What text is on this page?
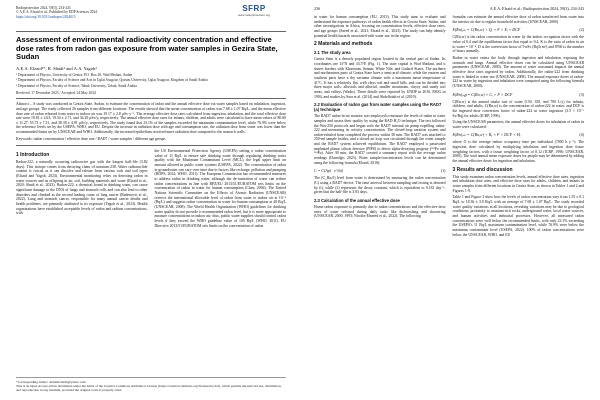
Radioprotection 2024, 59(3), 234-243
© A.E.A. Elzaid et al., Published by EDP Sciences 2024
https://doi.org/10.1051/radiopro/2024015
SFRP
www.radioprotection.org
Assessment of environmental radioactivity concentration and effective dose rates from radon gas exposure from water samples in Gezira State, Sudan
A.E.A. Elzaid¹*, R. Shadi² and A.A. Yagob³
¹ Department of Physics, University of Gezira, P.O. Box 20, Wad Medani, Sudan
² Department of Physics, Faculty of Science and Arts in Uglat Asugour, Qassim University, Uglat Asugour, Kingdom of Saudi Arabia
³ Department of Physics, Faculty of Science, Tabuk University, Tabuk, Saudi Arabia
Received: 17 December 2023 / Accepted: 24 May 2024
Abstract – A study was conducted in Gezira State, Sudan, to estimate the concentration of radon and the annual effective dose via water samples based on inhalation, ingestion, and age groups. The study collected 26 samples from different locations. The results showed that the mean concentration of radon was 7.68 ± 1.07 Bq/L, and the mean effective dose rate of radon released from water to indoor air was 19.17 ± 2.8 µSv·y⁻¹. The average effective dose rates calculated from ingestion, inhalation, and the total effective dose rate were 19.81 ± 2.63, 19.34 ± 2.71, and 34.29 µSv/y, respectively. The annual effective dose rates for infants, children, and adults were calculated to have mean values of 80.60 ± 11.27, 53.73 ± 7.51, and 38.38 ± 4.91 µSv/y, respectively. The study found that 23.1% of the samples exceeded the maximum contamination level, while 76.9% were below the reference levels set by the USEPA, WHO, and EU. Despite the increase in radiation dose with age and consumption rate, the radiation dose from water was lower than the recommended limits set by UNSCEAR and WHO. Additionally, the increased epithelium received more radiation dose compared to the stomach walls.
Keywords: radon concentration / effective dose rate / RAD7 / water samples / different age groups
1 Introduction

Radon-222, a naturally occurring radioactive gas with the longest half-life (3.82 days). This isotope comes from decaying chain of uranium-238. Water radionuclide content is crucial as it can dissolve and release from various rock and soil types (Elzaid and Yagob, 2023). Environmental monitoring relies on detecting radon in water sources and its offspring in air, soil, building materials and water (Elzaid et al., 2020; Shadi et al., 2023). Radon-222, a chemical found in drinking water, can cause significant damage to the DNA of lungs and stomach cells and can also lead to other disorders and climbed as the second leading cause of lung cancer (Radenovic et al., 2022). Lung and stomach cancer, responsible for many annual cancer deaths and health problems, are primarily attributed to its exposure (Yagob et al., 2023). Health organizations have established acceptable levels of radon and radium concentrations, with

the US Environmental Protection Agency (USEPA) setting a radon concentration value of 11 Bq/L to ensure safe drinking water through regulating drinking water quality with the Maximum Contaminant Level (MCL), the legal upper limit on amount allowed in public water systems (USEPA, 2022). The concentration of radon in groundwater can vary over time due to factors like recharge, pollution and pumping (HOPS, 2022; WHO, 2011). The European Commission has recommended measures to address radon in drinking water, although the de-ionization of water can reduce radon concentrations in line with RPZ/EU 2013/51/EURATOM sets limits on the concentration of radon in water for human consumption (Chen, 2004). The United Nations Scientific Committee on the Effects of Atomic Radiation (UNSCEAR) reviews the international allowable level of radon from water to indoor air at 10⁻⁴ (Bq/L) and suggests radon concentration in water for human consumption at 40 Bq/L (UNSCEAR, 2008). The World Health Organization (WHO) guidelines for drinking water quality do not provide a recommended radon level, but it is more appropriate to measure concentrations in indoor air; thus, public water supplies should control radon levels if they exceed the WHO guideline value of 100 Bq/L (WHO, 2011). EU Directive 2013/51/EURATOM sets limits on the concentration of radon

*Corresponding author: abdalmoniem@yahoo.com
This is an Open Access article distributed under the terms of the Creative Commons Attribution License (https://creativecommons.org/licenses/by/4.0), which permits unrestricted use, distribution, and reproduction in any medium, provided the original work is properly cited.
236	A.E.A. Elzaid et al.: Radioprotection 2024, 59(3), 234-243

in water for human consumption (EU, 2013). This study aims to evaluate and understand the exposure pathways of radon health effects in Gezira State, Sudan, and other investigations in Africa, focusing on concentration levels, effective dose rates, and age groups (Saeed et al., 2021; Elzaid et al., 2023). The study can help identify potential health hazards associated with water use in the region.

2 Materials and methods
2.1 The study area

Gezira State is a densely populated region located in the central part of Sudan. Its coordinates are 13°N and 33.5°E (Fig. 1). The state capital is Wad Madani, and it shares borders with Khartoum, Sennar, White Nile, and Gadarif States. The northern and northeastern parts of Gezira State have a semi-arid climate, while the eastern and southern parts have a dry savanna climate with a maximum mean temperature of 41°C. It has a relatively flat, with clays soil and small hills, and can be divided into three major soils: alluvials and alluvial, smaller mountains, clayey and sandy soil areas, and valleys (Wadis). These details were reported by UNDP in 2010, MOG in 1994, and studies by Sara et al. (2014) and Abdelfatah et al. (2019).

2.2 Evaluation of radon gas from water samples using the RAD7 (a) technique

The RAD7 radon-in-air monitor was employed to measure the levels of radon in water samples and assess their quality by using the RAD H₂O technique. The test followed the Wat-250 protocols and began with the RAD7 internal air pump expelling radon-222 and measuring its activity concentration. The closed-loop aeration system and radon-exhaled from completed the process within 30 min. The RAD7 was attached to 250-ml sample bottles, and a closed air loop was circulated through the water sample and the RAD7 system achieved equilibrium. The RAD7 employed a passivated implanted planar silicon detector (PIPS) to detect alpha-decaying progeny (²¹⁸Po and ²¹⁴Po). After 30 min, the RAD7 created a summary report with the average radon readings (Durridge, 2023). Water sample/concentration levels can be determined using the following formula (Elzaid, 2018):

C = C(Ap) · e^(λt)	(1)

The (C_Rn,0) level from water is determined by measuring the radon concentration (C) using a RAD7 device. The time interval between sampling and testing is denoted by (t), while (λ) represents the decay constant, which is equivalent to 0.181 day⁻¹, given that the half-life is 3.83 days.

2.3 Calculation of the annual effective dose

Home radon exposure is primarily due to radon concentrations and the effective dose rates of water released during daily tasks like dishwashing and showering (UNSCEAR, 2000, 1993; Nicolin-Elmeed et al., 2022). The following

formulas can estimate the annual effective dose of radon transferred from water into the interior air due to regular household activities (UNSCEAR, 2000)

E(Rn)ᵢₙₕ = C(Rn,w) × Qᵣ × F × Eⱼ × DCF	(2)

C(Rn,w) is the radon concentration in water by the indoor occupation factor with the value of 0.4 and the equilibrium factor that equal to 0.4, K is the ratio of radon in air to water = 10⁻⁴, D is the conversion factor of 9 nSv (Bq/h m³) and 8760 is the number of hours annually.

Radon in water enters the body through ingestion and inhalation, exposing the stomach and lungs. Annual effective doses can be calculated using UNSCEAR parameters (UNSCEAR, 2000). The amount of water consumed impacts the annual effective dose rates ingested by radon. Additionally, the radon-222 from drinking water is linked to water use (UNSCEAR, 2008). The annual exposure doses of radon-222 in water by ingestion and inhalation were computed using the following formula (UNSCEAR, 2000):

E(Rn)ᵢₙ𝑔 = C(Rn,w) × Cᵢ × F × DCF	(3)

C(Rn,w) is the annual intake rate of water (150, 350, and 700 L/y) for infants, children, and adults. C(Rn,w) is the concentration of radon-222 in water, and DCF is the ingested dose conversion factor of radon-222 in water ingestion (3.5 × 10⁻⁹ Sv/Bq) for adults (ICRP, 1996).

Using the UNSCEAR parameters, the annual effective doses for inhalation of radon in water were calculated:

E(Rn)ᵢₙₕ = C(Rn,w) × Rₓ × F × DCF × Hᵣ	(4)

where O is the average indoor occupancy time per individual (7000 h y⁻¹). The ingestion dose calculated by multiplying inhalation and ingestion dose tissue weighting factors, with a tissue weighting factor of 0.12 (ICRP, 1996; UNSCEAR, 2000). The total annual mean exposure doses for people may be determined by adding the annual effective doses for ingestion and inhalation.

3 Results and discussion

This study examines radon concentration levels, annual effective dose rates, ingestion and inhalation dose rates, and effective dose rates for adults, children, and infants in water samples from different locations in Gezira State, as shown in Tables 1 and 2 and Figures 1-9.

Table 1 and Figure 3 show how the levels of radon concentration vary from 1.55 ± 0.1 Bq/L to 18.36 ± 3.0 Bq/L with an average of 7.68 ± 1.07 Bq/L. The study recorded water quality variations in all locations, revealing variations may be due to geological conditions, proximity to uranium-rich rocks, underground water, local water sources, and human activities and industrial processes. However, all measured radon concentrations were well below the recommended limits, with only 23.1% exceeding the USEPA's 11 Bq/L maximum contamination level, while 76.9% were below the maximum contaminant level (USEPA, 2022). 100% of radon concentrations were below the UNSCEAR, WHO, and EU
